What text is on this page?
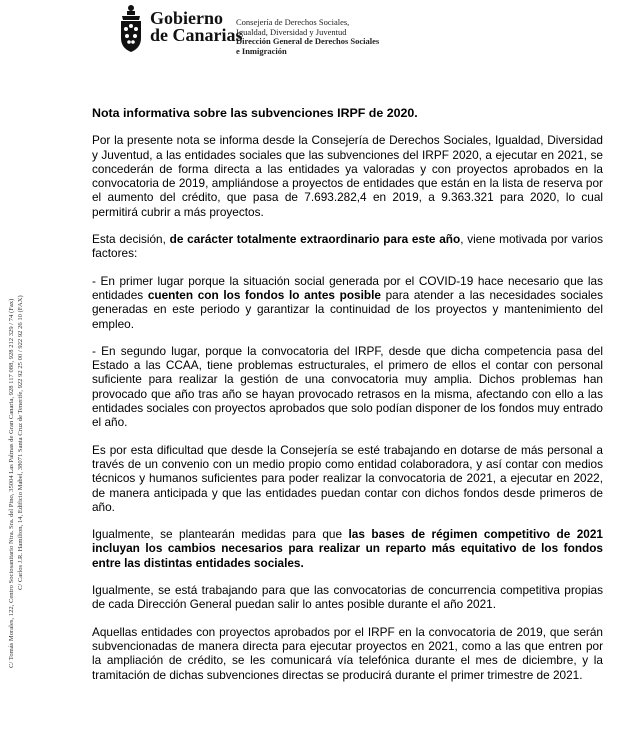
Gobierno
de Canarias
Consejería de Derechos Sociales,
Igualdad, Diversidad y Juventud
Dirección General de Derechos Sociales
e Inmigración
C/ Tomás Morales, 122, Centro Sociosanitario Ntra. Sra. del Pino, 35004 Las Palmas de Gran Canaria, 928 117 088, 928 212 329 / 74 (Fax) C/ Carlos J.R. Hamilton, 14, Edificio Mabel, 38071 Santa Cruz de Tenerife, 922 92 25 00 / 922 92 26 10 (FAX)

Nota informativa sobre las subvenciones IRPF de 2020.

Por la presente nota se informa desde la Consejería de Derechos Sociales, Igualdad, Diversidad y Juventud, a las entidades sociales que las subvenciones del IRPF 2020, a ejecutar en 2021, se concederán de forma directa a las entidades ya valoradas y con proyectos aprobados en la convocatoria de 2019, ampliándose a proyectos de entidades que están en la lista de reserva por el aumento del crédito, que pasa de 7.693.282,4 en 2019, a 9.363.321 para 2020, lo cual permitirá cubrir a más proyectos.

Esta decisión, de carácter totalmente extraordinario para este año, viene motivada por varios factores:

- En primer lugar porque la situación social generada por el COVID-19 hace necesario que las entidades cuenten con los fondos lo antes posible para atender a las necesidades sociales generadas en este periodo y garantizar la continuidad de los proyectos y mantenimiento del empleo.

- En segundo lugar, porque la convocatoria del IRPF, desde que dicha competencia pasa del Estado a las CCAA, tiene problemas estructurales, el primero de ellos el contar con personal suficiente para realizar la gestión de una convocatoria muy amplia. Dichos problemas han provocado que año tras año se hayan provocado retrasos en la misma, afectando con ello a las entidades sociales con proyectos aprobados que solo podían disponer de los fondos muy entrado el año.

Es por esta dificultad que desde la Consejería se esté trabajando en dotarse de más personal a través de un convenio con un medio propio como entidad colaboradora, y así contar con medios técnicos y humanos suficientes para poder realizar la convocatoria de 2021, a ejecutar en 2022, de manera anticipada y que las entidades puedan contar con dichos fondos desde primeros de año.

Igualmente, se plantearán medidas para que las bases de régimen competitivo de 2021 incluyan los cambios necesarios para realizar un reparto más equitativo de los fondos entre las distintas entidades sociales.

Igualmente, se está trabajando para que las convocatorias de concurrencia competitiva propias de cada Dirección General puedan salir lo antes posible durante el año 2021.

Aquellas entidades con proyectos aprobados por el IRPF en la convocatoria de 2019, que serán subvencionadas de manera directa para ejecutar proyectos en 2021, como a las que entren por la ampliación de crédito, se les comunicará vía telefónica durante el mes de diciembre, y la tramitación de dichas subvenciones directas se producirá durante el primer trimestre de 2021.
